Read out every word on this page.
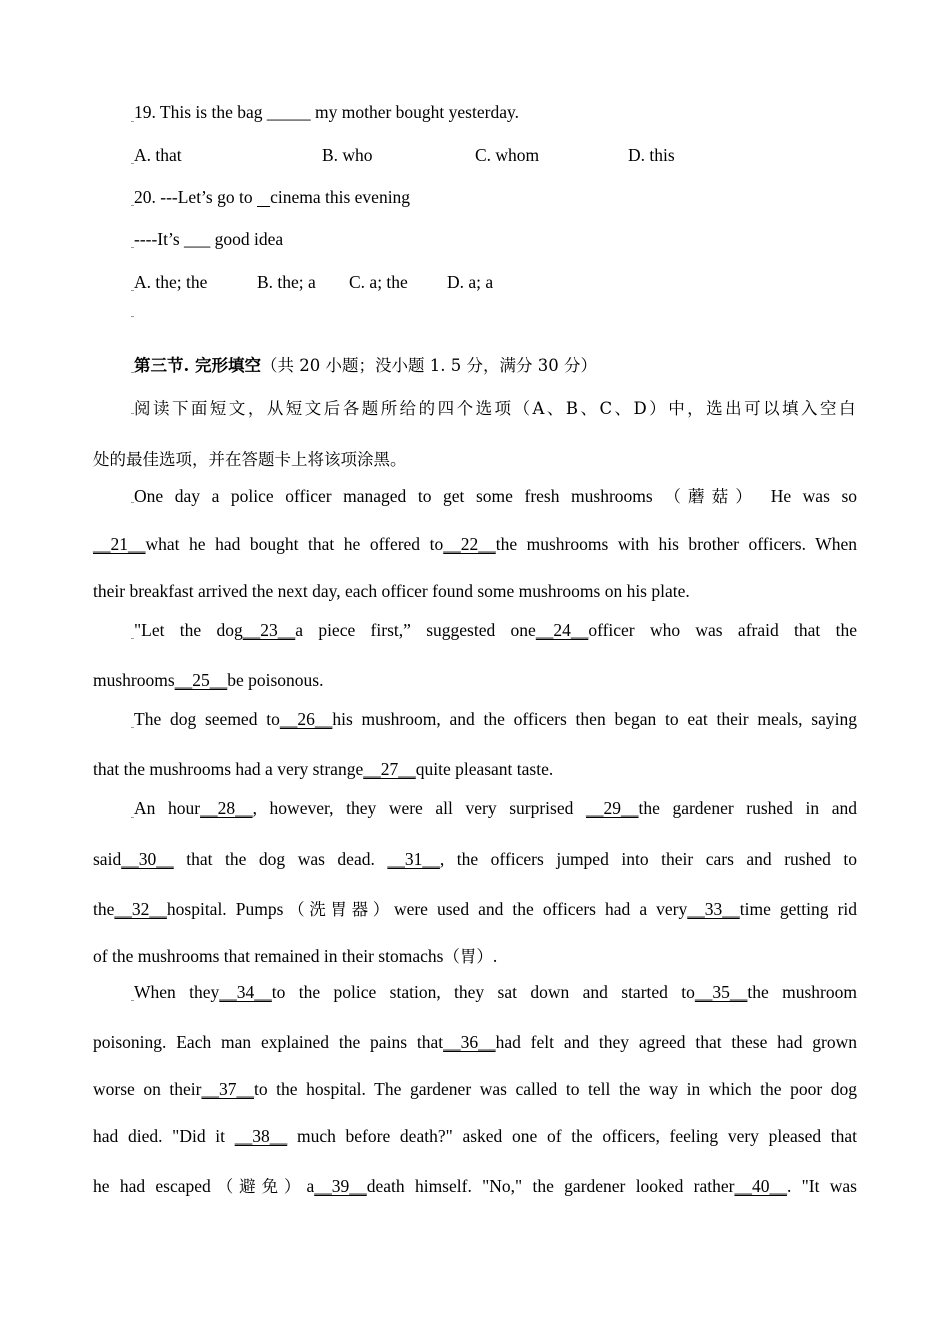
19. This is the bag _____ my mother bought yesterday.
A. that	B. who	C. whom	D. this
20. ---Let’s go to    cinema this evening
----It’s ___ good idea
A. the; the	B. the; a C. a; the D. a; a
第三节. 完形填空（共 20 小题；没小题 1. 5 分，满分 30 分）
阅读下面短文，从短文后各题所给的四个选项（A、B、C、D）中，选出可以填入空白
处的最佳选项，并在答题卡上将该项涂黑。
One day a police officer managed to get some fresh mushrooms （蘑菇） He was so
__21__what he had bought that he offered to__22__the mushrooms with his brother officers. When
their breakfast arrived the next day, each officer found some mushrooms on his plate.
"Let the dog__23__a piece first,” suggested one__24__officer who was afraid that the
mushrooms__25__be poisonous.
The dog seemed to__26__his mushroom, and the officers then began to eat their meals, saying
that the mushrooms had a very strange__27__quite pleasant taste.
An hour__28__, however, they were all very surprised __29__the gardener rushed in and
said__30__ that the dog was dead. __31__, the officers jumped into their cars and rushed to
the__32__hospital. Pumps（洗胃器）were used and the officers had a very__33__time getting rid
of the mushrooms that remained in their stomachs（胃）.
When they__34__to the police station, they sat down and started to__35__the mushroom
poisoning. Each man explained the pains that__36__had felt and they agreed that these had grown
worse on their__37__to the hospital. The gardener was called to tell the way in which the poor dog
had died. "Did it __38__ much before death?" asked one of the officers, feeling very pleased that
he had escaped（避免）a__39__death himself. "No," the gardener looked rather__40__. "It was
